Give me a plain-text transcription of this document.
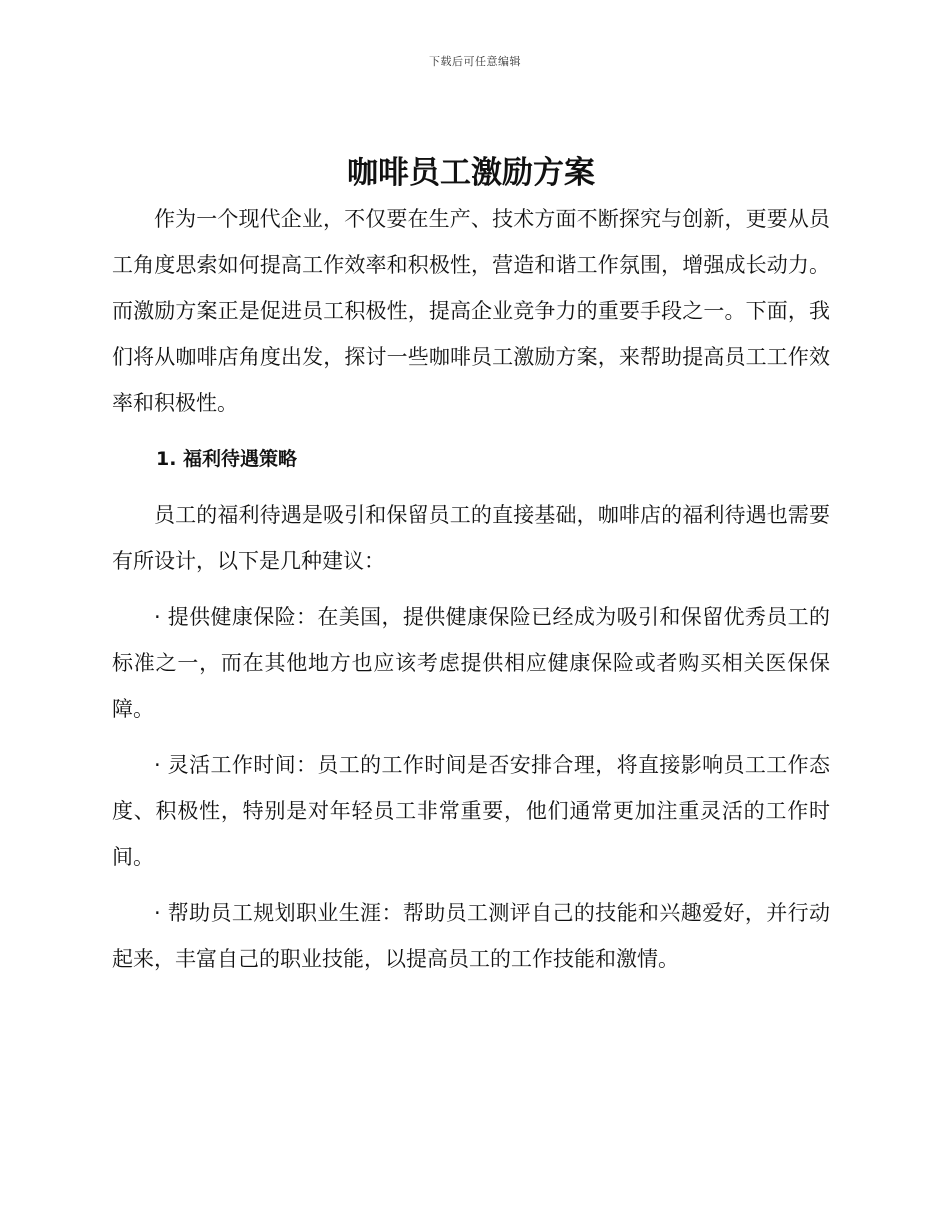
下载后可任意编辑
咖啡员工激励方案

作为一个现代企业，不仅要在生产、技术方面不断探究与创新，更要从员工角度思索如何提高工作效率和积极性，营造和谐工作氛围，增强成长动力。而激励方案正是促进员工积极性，提高企业竞争力的重要手段之一。下面，我们将从咖啡店角度出发，探讨一些咖啡员工激励方案，来帮助提高员工工作效率和积极性。

1. 福利待遇策略

员工的福利待遇是吸引和保留员工的直接基础，咖啡店的福利待遇也需要有所设计，以下是几种建议：

· 提供健康保险：在美国，提供健康保险已经成为吸引和保留优秀员工的标准之一，而在其他地方也应该考虑提供相应健康保险或者购买相关医保保障。

· 灵活工作时间：员工的工作时间是否安排合理，将直接影响员工工作态度、积极性，特别是对年轻员工非常重要，他们通常更加注重灵活的工作时间。

· 帮助员工规划职业生涯：帮助员工测评自己的技能和兴趣爱好，并行动起来，丰富自己的职业技能，以提高员工的工作技能和激情。
